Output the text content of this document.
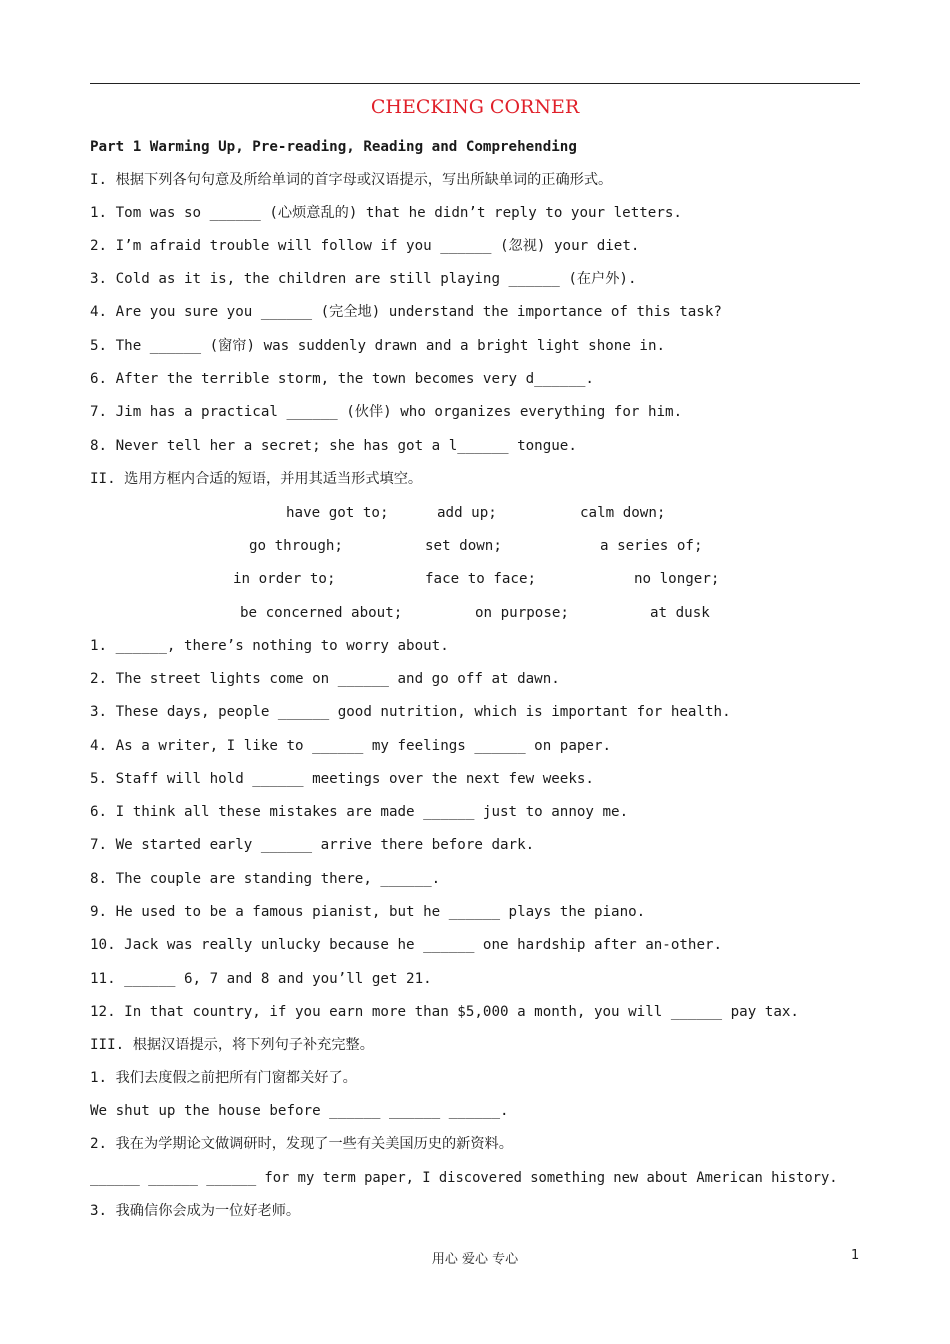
CHECKING CORNER
Part 1 Warming Up, Pre-reading, Reading and Comprehending
I. 根据下列各句句意及所给单词的首字母或汉语提示，写出所缺单词的正确形式。
1. Tom was so ______ (心烦意乱的) that he didn’t reply to your letters.
2. I’m afraid trouble will follow if you ______ (忽视) your diet.
3. Cold as it is, the children are still playing ______ (在户外).
4. Are you sure you ______ (完全地) understand the importance of this task?
5. The ______ (窗帘) was suddenly drawn and a bright light shone in.
6. After the terrible storm, the town becomes very d______.
7. Jim has a practical ______ (伙伴) who organizes everything for him.
8. Never tell her a secret; she has got a l______ tongue.
II. 选用方框内合适的短语，并用其适当形式填空。
have got to;	add up;	calm down;
go through;	set down;	a series of;
in order to;	face to face;	no longer;
be concerned about;	on purpose;	at dusk
1. ______, there’s nothing to worry about.
2. The street lights come on ______ and go off at dawn.
3. These days, people ______ good nutrition, which is important for health.
4. As a writer, I like to ______ my feelings ______ on paper.
5. Staff will hold ______ meetings over the next few weeks.
6. I think all these mistakes are made ______ just to annoy me.
7. We started early ______ arrive there before dark.
8. The couple are standing there, ______.
9. He used to be a famous pianist, but he ______ plays the piano.
10. Jack was really unlucky because he ______ one hardship after an-other.
11. ______ 6, 7 and 8 and you’ll get 21.
12. In that country, if you earn more than $5,000 a month, you will ______ pay tax.
III. 根据汉语提示，将下列句子补充完整。
1. 我们去度假之前把所有门窗都关好了。
We shut up the house before ______ ______ ______.
2. 我在为学期论文做调研时，发现了一些有关美国历史的新资料。
______ ______ ______ for my term paper, I discovered something new about American history.
3. 我确信你会成为一位好老师。
用心 爱心 专心	1
